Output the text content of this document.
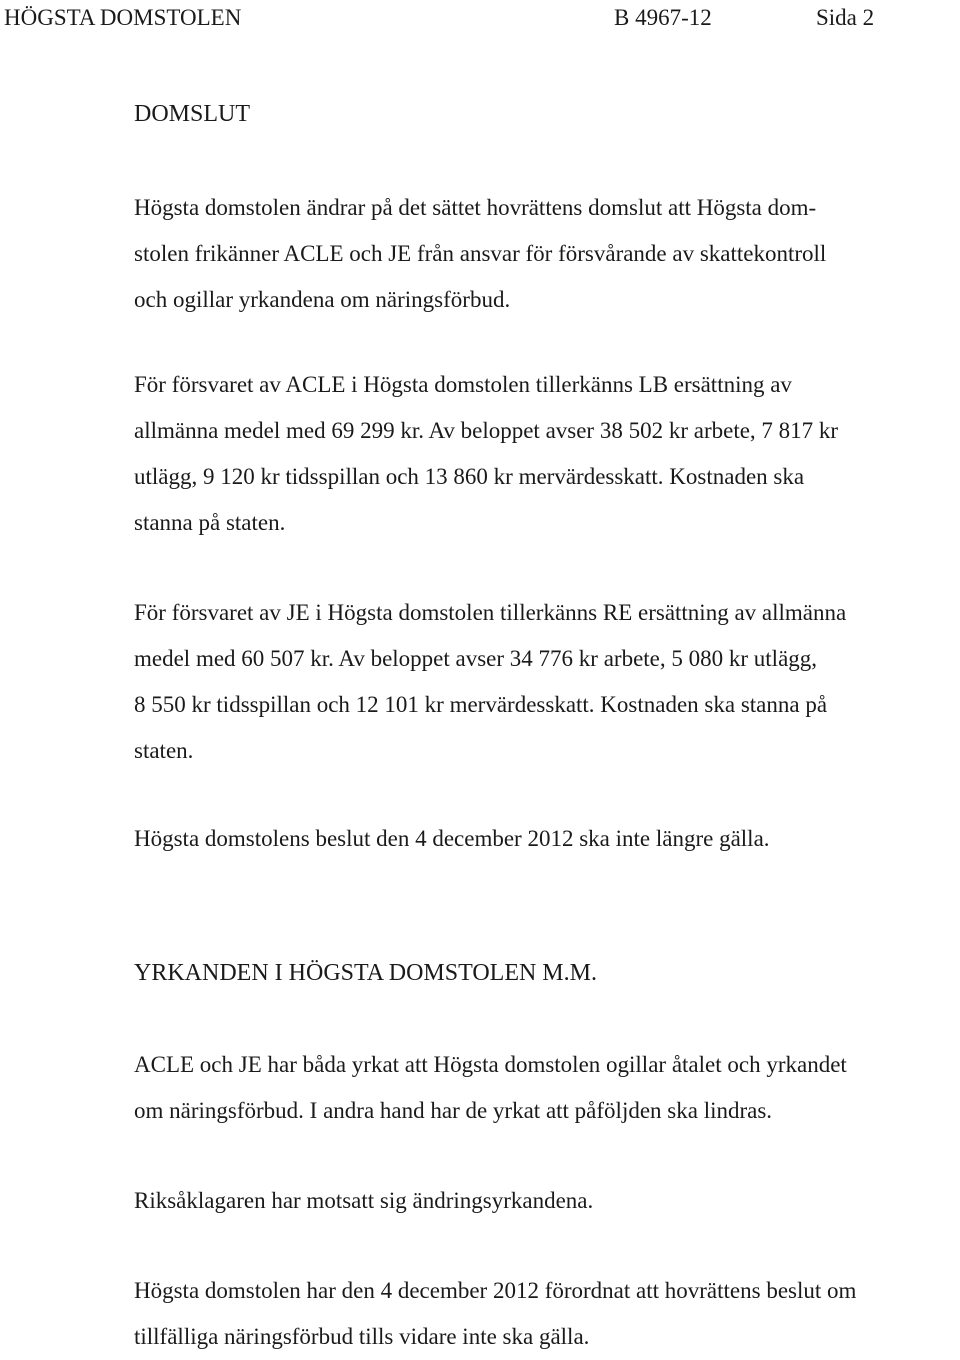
HÖGSTA DOMSTOLEN	B 4967-12	Sida 2
DOMSLUT
Högsta domstolen ändrar på det sättet hovrättens domslut att Högsta dom-
stolen frikänner ACLE och JE från ansvar för försvårande av skattekontroll
och ogillar yrkandena om näringsförbud.
För försvaret av ACLE i Högsta domstolen tillerkänns LB ersättning av
allmänna medel med 69 299 kr. Av beloppet avser 38 502 kr arbete, 7 817 kr
utlägg, 9 120 kr tidsspillan och 13 860 kr mervärdesskatt. Kostnaden ska
stanna på staten.
För försvaret av JE i Högsta domstolen tillerkänns RE ersättning av allmänna
medel med 60 507 kr. Av beloppet avser 34 776 kr arbete, 5 080 kr utlägg,
8 550 kr tidsspillan och 12 101 kr mervärdesskatt. Kostnaden ska stanna på
staten.
Högsta domstolens beslut den 4 december 2012 ska inte längre gälla.
YRKANDEN I HÖGSTA DOMSTOLEN M.M.
ACLE och JE har båda yrkat att Högsta domstolen ogillar åtalet och yrkandet
om näringsförbud. I andra hand har de yrkat att påföljden ska lindras.
Riksåklagaren har motsatt sig ändringsyrkandena.
Högsta domstolen har den 4 december 2012 förordnat att hovrättens beslut om
tillfälliga näringsförbud tills vidare inte ska gälla.
